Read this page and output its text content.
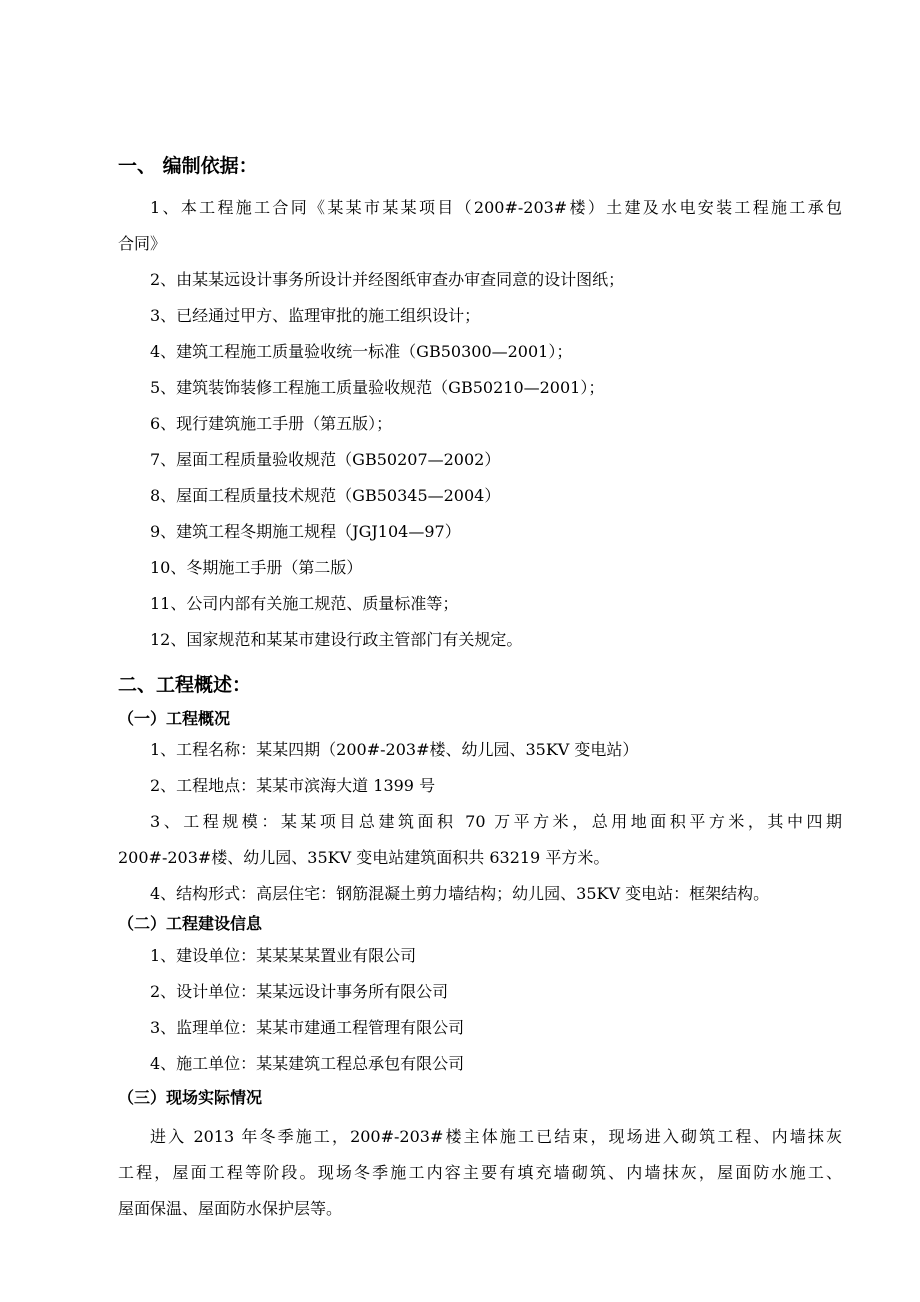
一、 编制依据：
1、本工程施工合同《某某市某某项目（200#-203#楼）土建及水电安装工程施工承包
合同》
2、由某某远设计事务所设计并经图纸审查办审查同意的设计图纸；
3、已经通过甲方、监理审批的施工组织设计；
4、建筑工程施工质量验收统一标准（GB50300—2001）；
5、建筑装饰装修工程施工质量验收规范（GB50210—2001）；
6、现行建筑施工手册（第五版）；
7、屋面工程质量验收规范（GB50207—2002）
8、屋面工程质量技术规范（GB50345—2004）
9、建筑工程冬期施工规程（JGJ104—97）
10、冬期施工手册（第二版）
11、公司内部有关施工规范、质量标准等；
12、国家规范和某某市建设行政主管部门有关规定。
二、工程概述：
（一）工程概况
1、工程名称：某某四期（200#-203#楼、幼儿园、35KV 变电站）
2、工程地点：某某市滨海大道 1399 号
3、工程规模：某某项目总建筑面积 70 万平方米，总用地面积平方米，其中四期
200#-203#楼、幼儿园、35KV 变电站建筑面积共 63219 平方米。
4、结构形式：高层住宅：钢筋混凝土剪力墙结构；幼儿园、35KV 变电站：框架结构。
（二）工程建设信息
1、建设单位：某某某某置业有限公司
2、设计单位：某某远设计事务所有限公司
3、监理单位：某某市建通工程管理有限公司
4、施工单位：某某建筑工程总承包有限公司
（三）现场实际情况
进入 2013 年冬季施工，200#-203#楼主体施工已结束，现场进入砌筑工程、内墙抹灰
工程，屋面工程等阶段。现场冬季施工内容主要有填充墙砌筑、内墙抹灰，屋面防水施工、
屋面保温、屋面防水保护层等。
